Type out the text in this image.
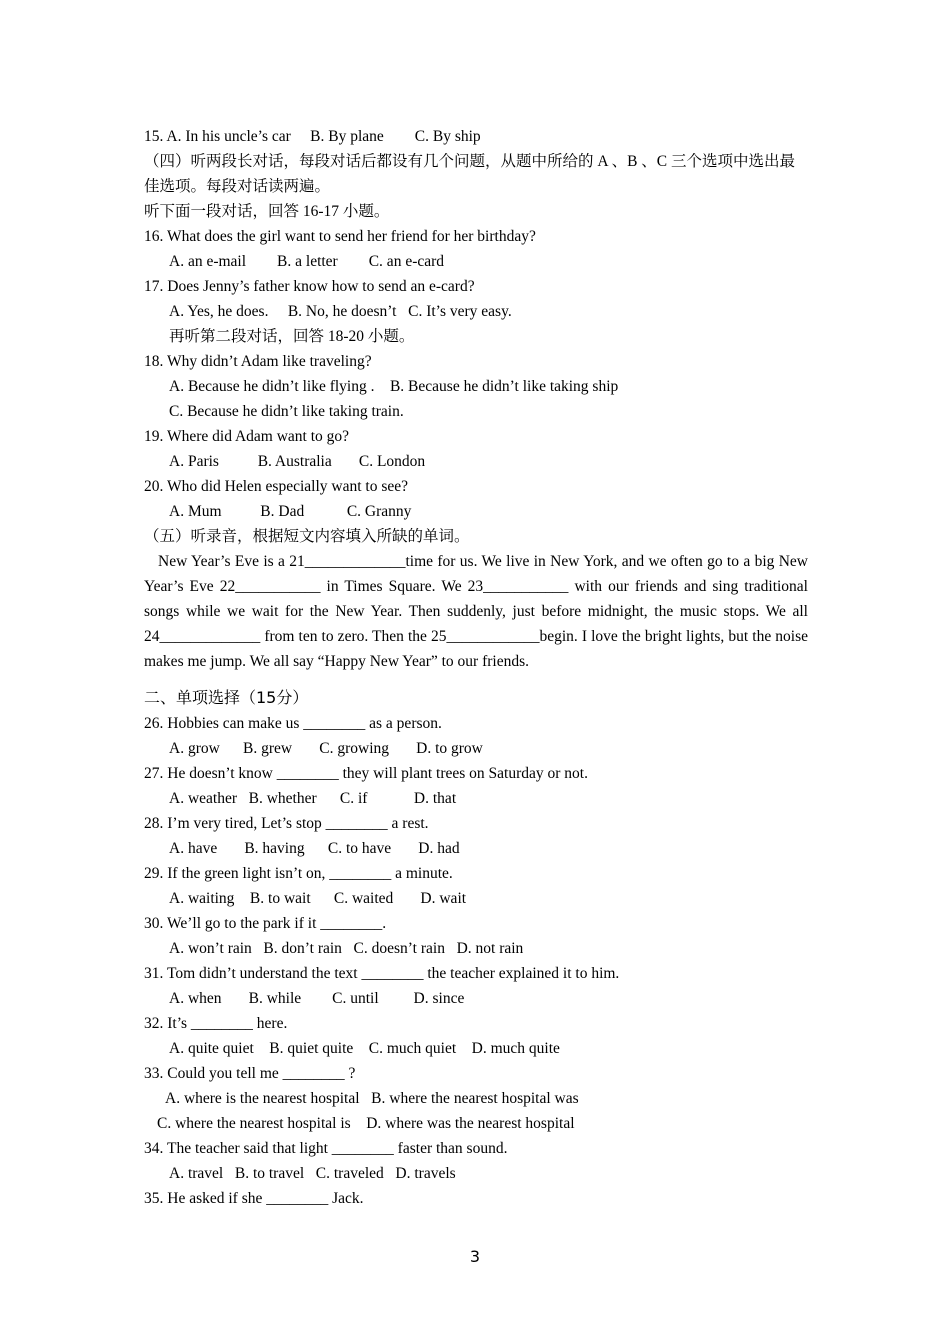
15. A. In his uncle’s car     B. By plane        C. By ship
（四）听两段长对话，每段对话后都设有几个问题，从题中所给的 A 、B 、C 三个选项中选出最
佳选项。每段对话读两遍。
听下面一段对话，回答 16-17 小题。
16. What does the girl want to send her friend for her birthday?
A. an e-mail        B. a letter        C. an e-card
17. Does Jenny’s father know how to send an e-card?
A. Yes, he does.     B. No, he doesn’t   C. It’s very easy.
再听第二段对话，回答 18-20 小题。
18. Why didn’t Adam like traveling?
A. Because he didn’t like flying .    B. Because he didn’t like taking ship
C. Because he didn’t like taking train.
19. Where did Adam want to go?
A. Paris          B. Australia       C. London
20. Who did Helen especially want to see?
A. Mum          B. Dad           C. Granny
（五）听录音，根据短文内容填入所缺的单词。
New Year’s Eve is a 21_____________time for us. We live in New York, and we often go to a big New Year’s Eve 22___________ in Times Square. We 23___________ with our friends and sing traditional songs while we wait for the New Year. Then suddenly, just before midnight, the music stops. We all 24_____________ from ten to zero. Then the 25____________begin. I love the bright lights, but the noise makes me jump. We all say “Happy New Year” to our friends.
二、单项选择（15分）
26. Hobbies can make us ________ as a person.
A. grow      B. grew       C. growing       D. to grow
27. He doesn’t know ________ they will plant trees on Saturday or not.
A. weather   B. whether      C. if            D. that
28. I’m very tired, Let’s stop ________ a rest.
A. have       B. having      C. to have       D. had
29. If the green light isn’t on, ________ a minute.
A. waiting    B. to wait      C. waited       D. wait
30. We’ll go to the park if it ________.
A. won’t rain   B. don’t rain   C. doesn’t rain   D. not rain
31. Tom didn’t understand the text ________ the teacher explained it to him.
A. when       B. while        C. until         D. since
32. It’s ________ here.
A. quite quiet    B. quiet quite    C. much quiet    D. much quite
33. Could you tell me ________ ?
A. where is the nearest hospital   B. where the nearest hospital was
C. where the nearest hospital is    D. where was the nearest hospital
34. The teacher said that light ________ faster than sound.
A. travel   B. to travel   C. traveled   D. travels
35. He asked if she ________ Jack.
3
